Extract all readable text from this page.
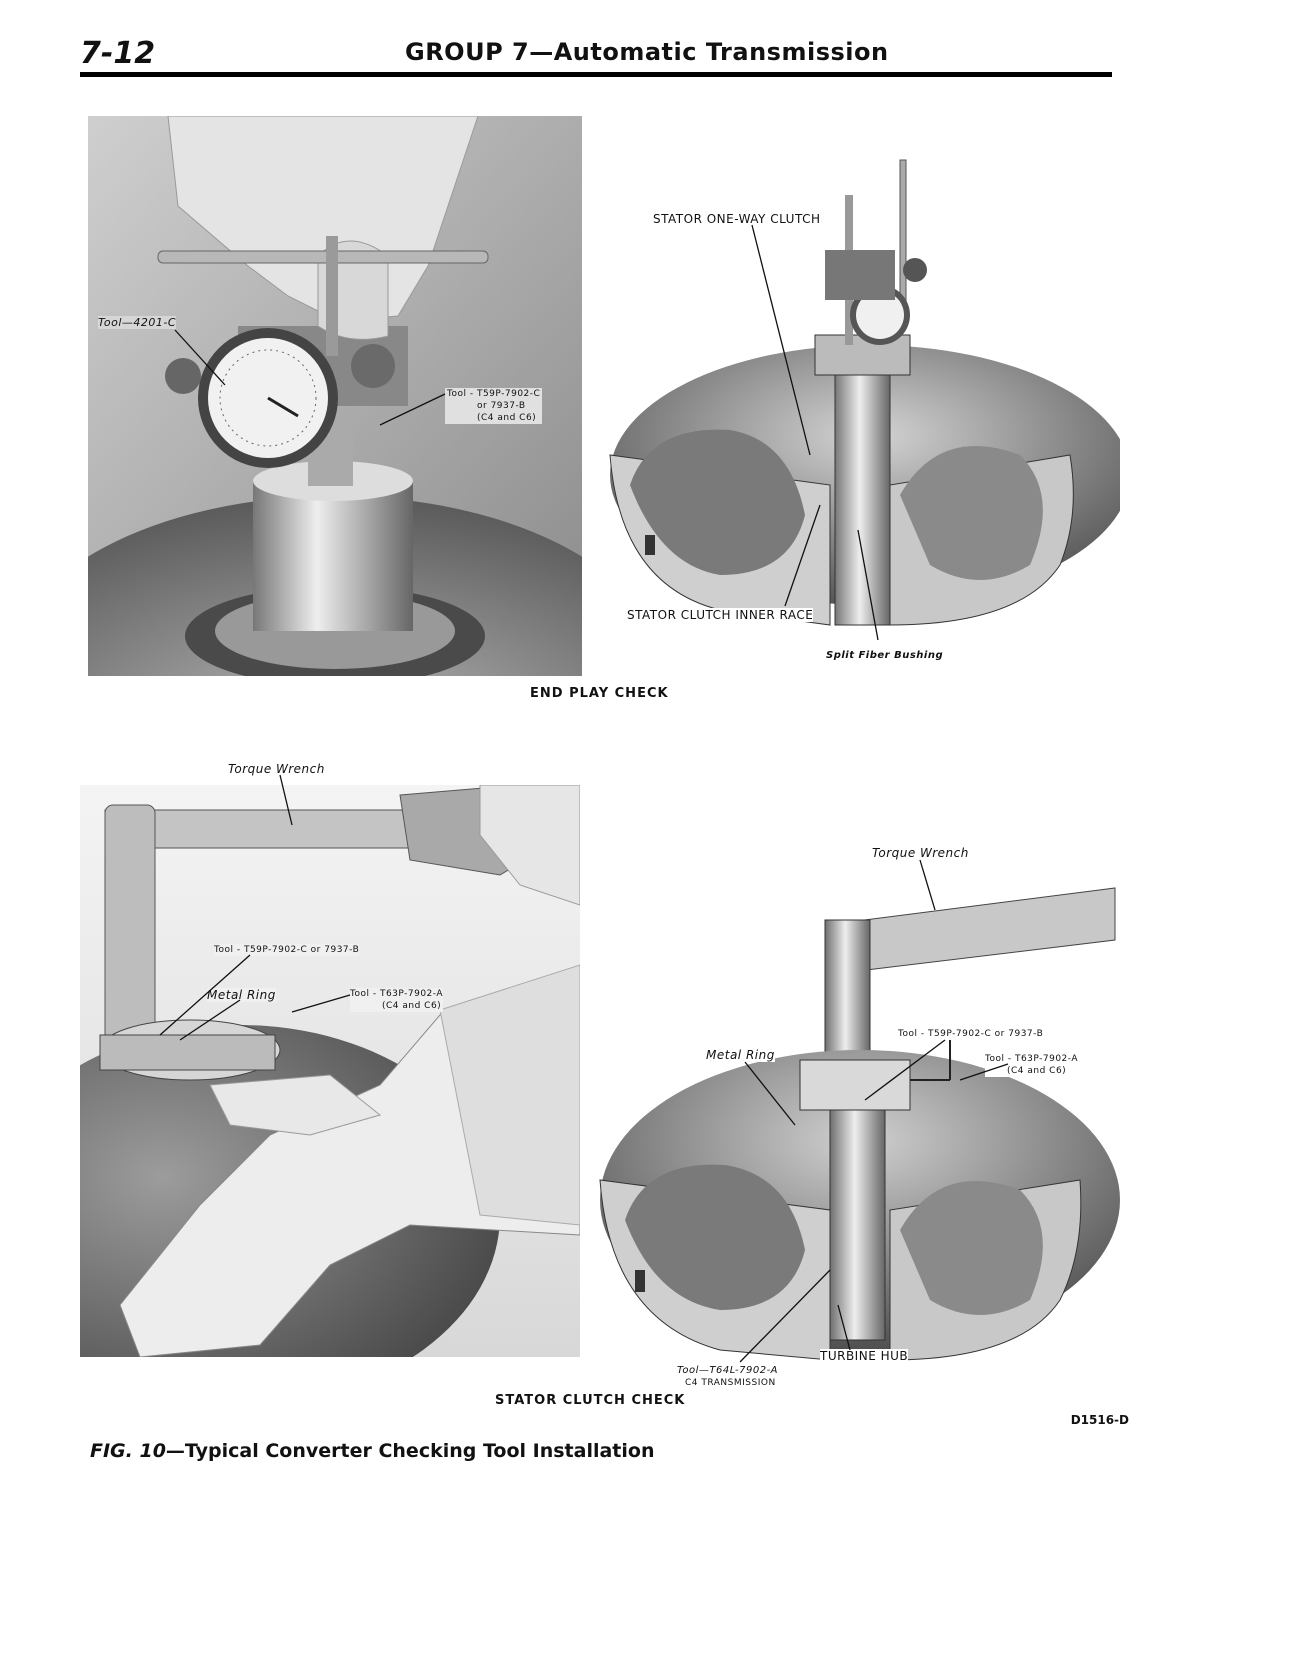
7-12	GROUP 7—Automatic Transmission
Tool—4201-C
Tool - T59P-7902-C
or 7937-B
(C4 and C6)
STATOR ONE-WAY CLUTCH
STATOR CLUTCH INNER RACE
Split Fiber Bushing
END PLAY CHECK
Torque Wrench
Tool - T59P-7902-C or 7937-B
Metal Ring	Tool - T63P-7902-A
(C4 and C6)
Torque Wrench
Tool - T59P-7902-C or 7937-B
Metal Ring	Tool - T63P-7902-A
(C4 and C6)
Tool—T64L-7902-A
C4 TRANSMISSION
TURBINE HUB
STATOR CLUTCH CHECK
D1516-D
FIG. 10—Typical Converter Checking Tool Installation
